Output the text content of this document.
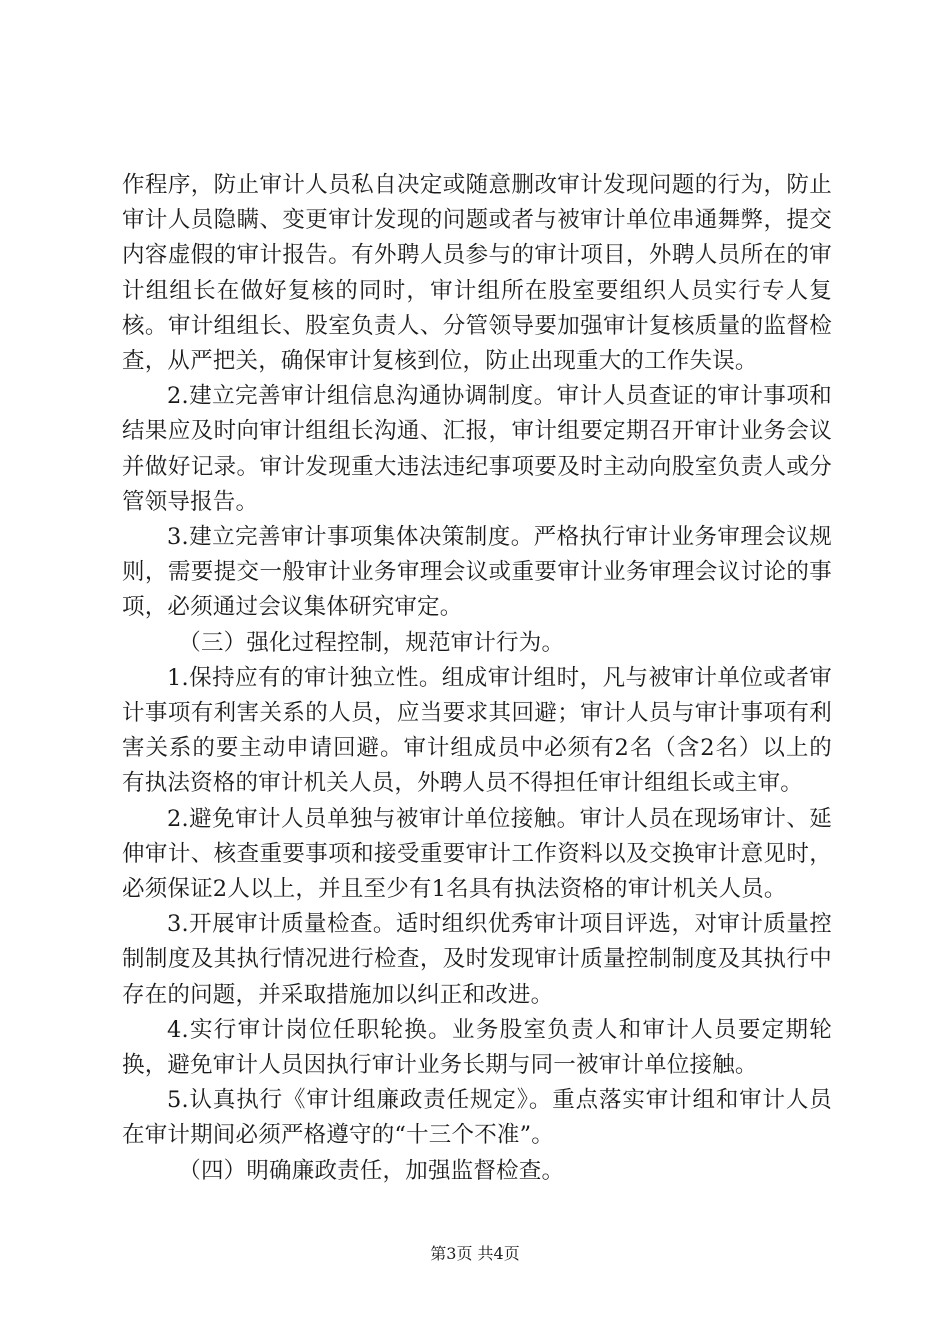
作程序，防止审计人员私自决定或随意删改审计发现问题的行为，防止审计人员隐瞒、变更审计发现的问题或者与被审计单位串通舞弊，提交内容虚假的审计报告。有外聘人员参与的审计项目，外聘人员所在的审计组组长在做好复核的同时，审计组所在股室要组织人员实行专人复核。审计组组长、股室负责人、分管领导要加强审计复核质量的监督检查，从严把关，确保审计复核到位，防止出现重大的工作失误。

2.建立完善审计组信息沟通协调制度。审计人员查证的审计事项和结果应及时向审计组组长沟通、汇报，审计组要定期召开审计业务会议并做好记录。审计发现重大违法违纪事项要及时主动向股室负责人或分管领导报告。

3.建立完善审计事项集体决策制度。严格执行审计业务审理会议规则，需要提交一般审计业务审理会议或重要审计业务审理会议讨论的事项，必须通过会议集体研究审定。

（三）强化过程控制，规范审计行为。

1.保持应有的审计独立性。组成审计组时，凡与被审计单位或者审计事项有利害关系的人员，应当要求其回避；审计人员与审计事项有利害关系的要主动申请回避。审计组成员中必须有2名（含2名）以上的有执法资格的审计机关人员，外聘人员不得担任审计组组长或主审。

2.避免审计人员单独与被审计单位接触。审计人员在现场审计、延伸审计、核查重要事项和接受重要审计工作资料以及交换审计意见时，必须保证2人以上，并且至少有1名具有执法资格的审计机关人员。

3.开展审计质量检查。适时组织优秀审计项目评选，对审计质量控制制度及其执行情况进行检查，及时发现审计质量控制制度及其执行中存在的问题，并采取措施加以纠正和改进。

4.实行审计岗位任职轮换。业务股室负责人和审计人员要定期轮换，避免审计人员因执行审计业务长期与同一被审计单位接触。

5.认真执行《审计组廉政责任规定》。重点落实审计组和审计人员在审计期间必须严格遵守的“十三个不准”。

（四）明确廉政责任，加强监督检查。

第3页 共4页
